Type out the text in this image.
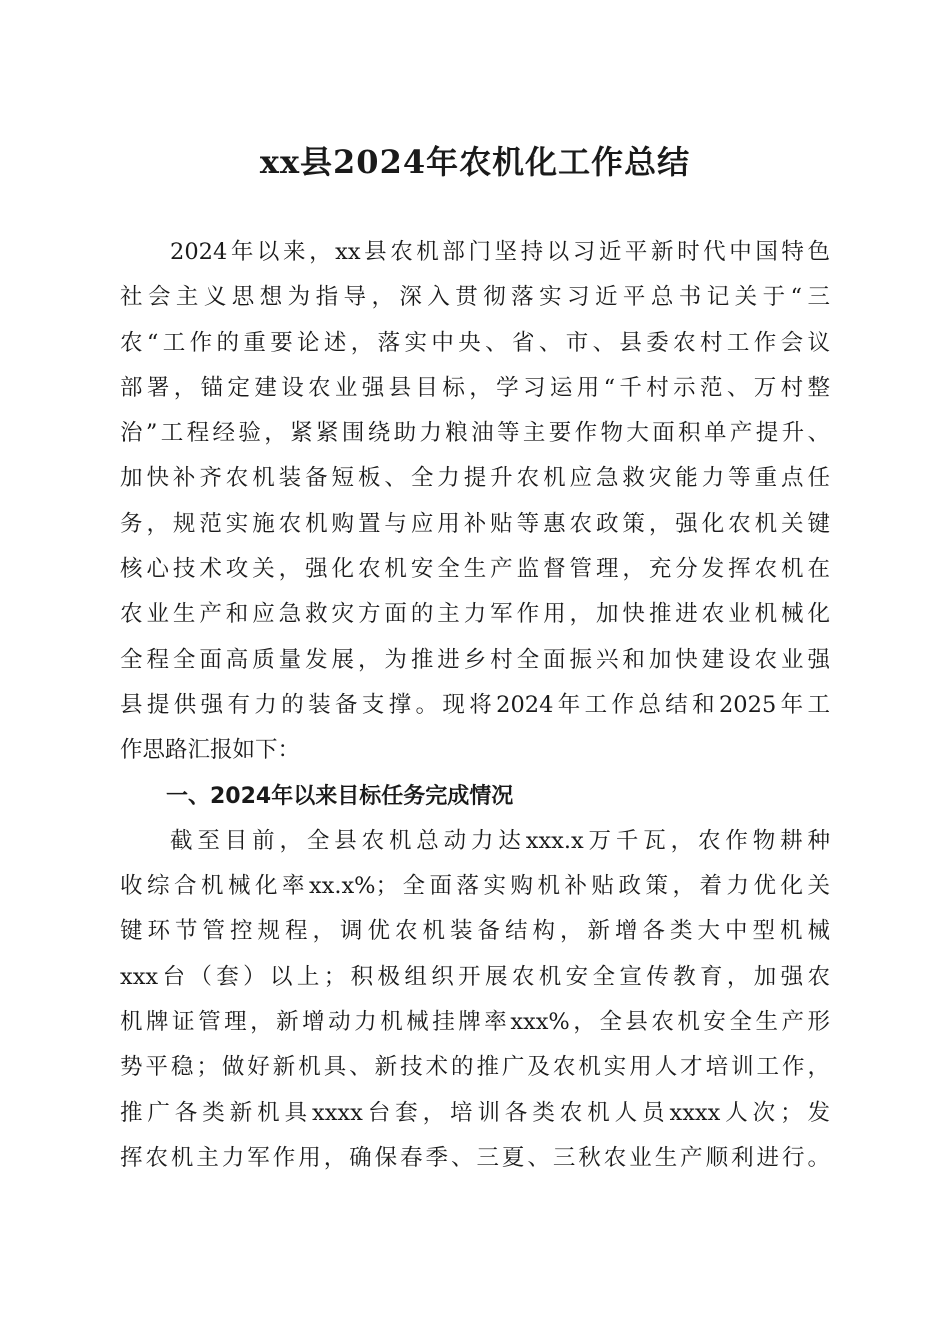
xx县2024年农机化工作总结
2024年以来，xx县农机部门坚持以习近平新时代中国特色
社会主义思想为指导，深入贯彻落实习近平总书记关于“三
农“工作的重要论述，落实中央、省、市、县委农村工作会议
部署，锚定建设农业强县目标，学习运用“千村示范、万村整
治”工程经验，紧紧围绕助力粮油等主要作物大面积单产提升、
加快补齐农机装备短板、全力提升农机应急救灾能力等重点任
务，规范实施农机购置与应用补贴等惠农政策，强化农机关键
核心技术攻关，强化农机安全生产监督管理，充分发挥农机在
农业生产和应急救灾方面的主力军作用，加快推进农业机械化
全程全面高质量发展，为推进乡村全面振兴和加快建设农业强
县提供强有力的装备支撑。现将2024年工作总结和2025年工
作思路汇报如下：
一、2024年以来目标任务完成情况
截至目前，全县农机总动力达xxx.x万千瓦，农作物耕种
收综合机械化率xx.x%；全面落实购机补贴政策，着力优化关
键环节管控规程，调优农机装备结构，新增各类大中型机械
xxx台（套）以上；积极组织开展农机安全宣传教育，加强农
机牌证管理，新增动力机械挂牌率xxx%，全县农机安全生产形
势平稳；做好新机具、新技术的推广及农机实用人才培训工作，
推广各类新机具xxxx台套，培训各类农机人员xxxx人次；发
挥农机主力军作用，确保春季、三夏、三秋农业生产顺利进行。
